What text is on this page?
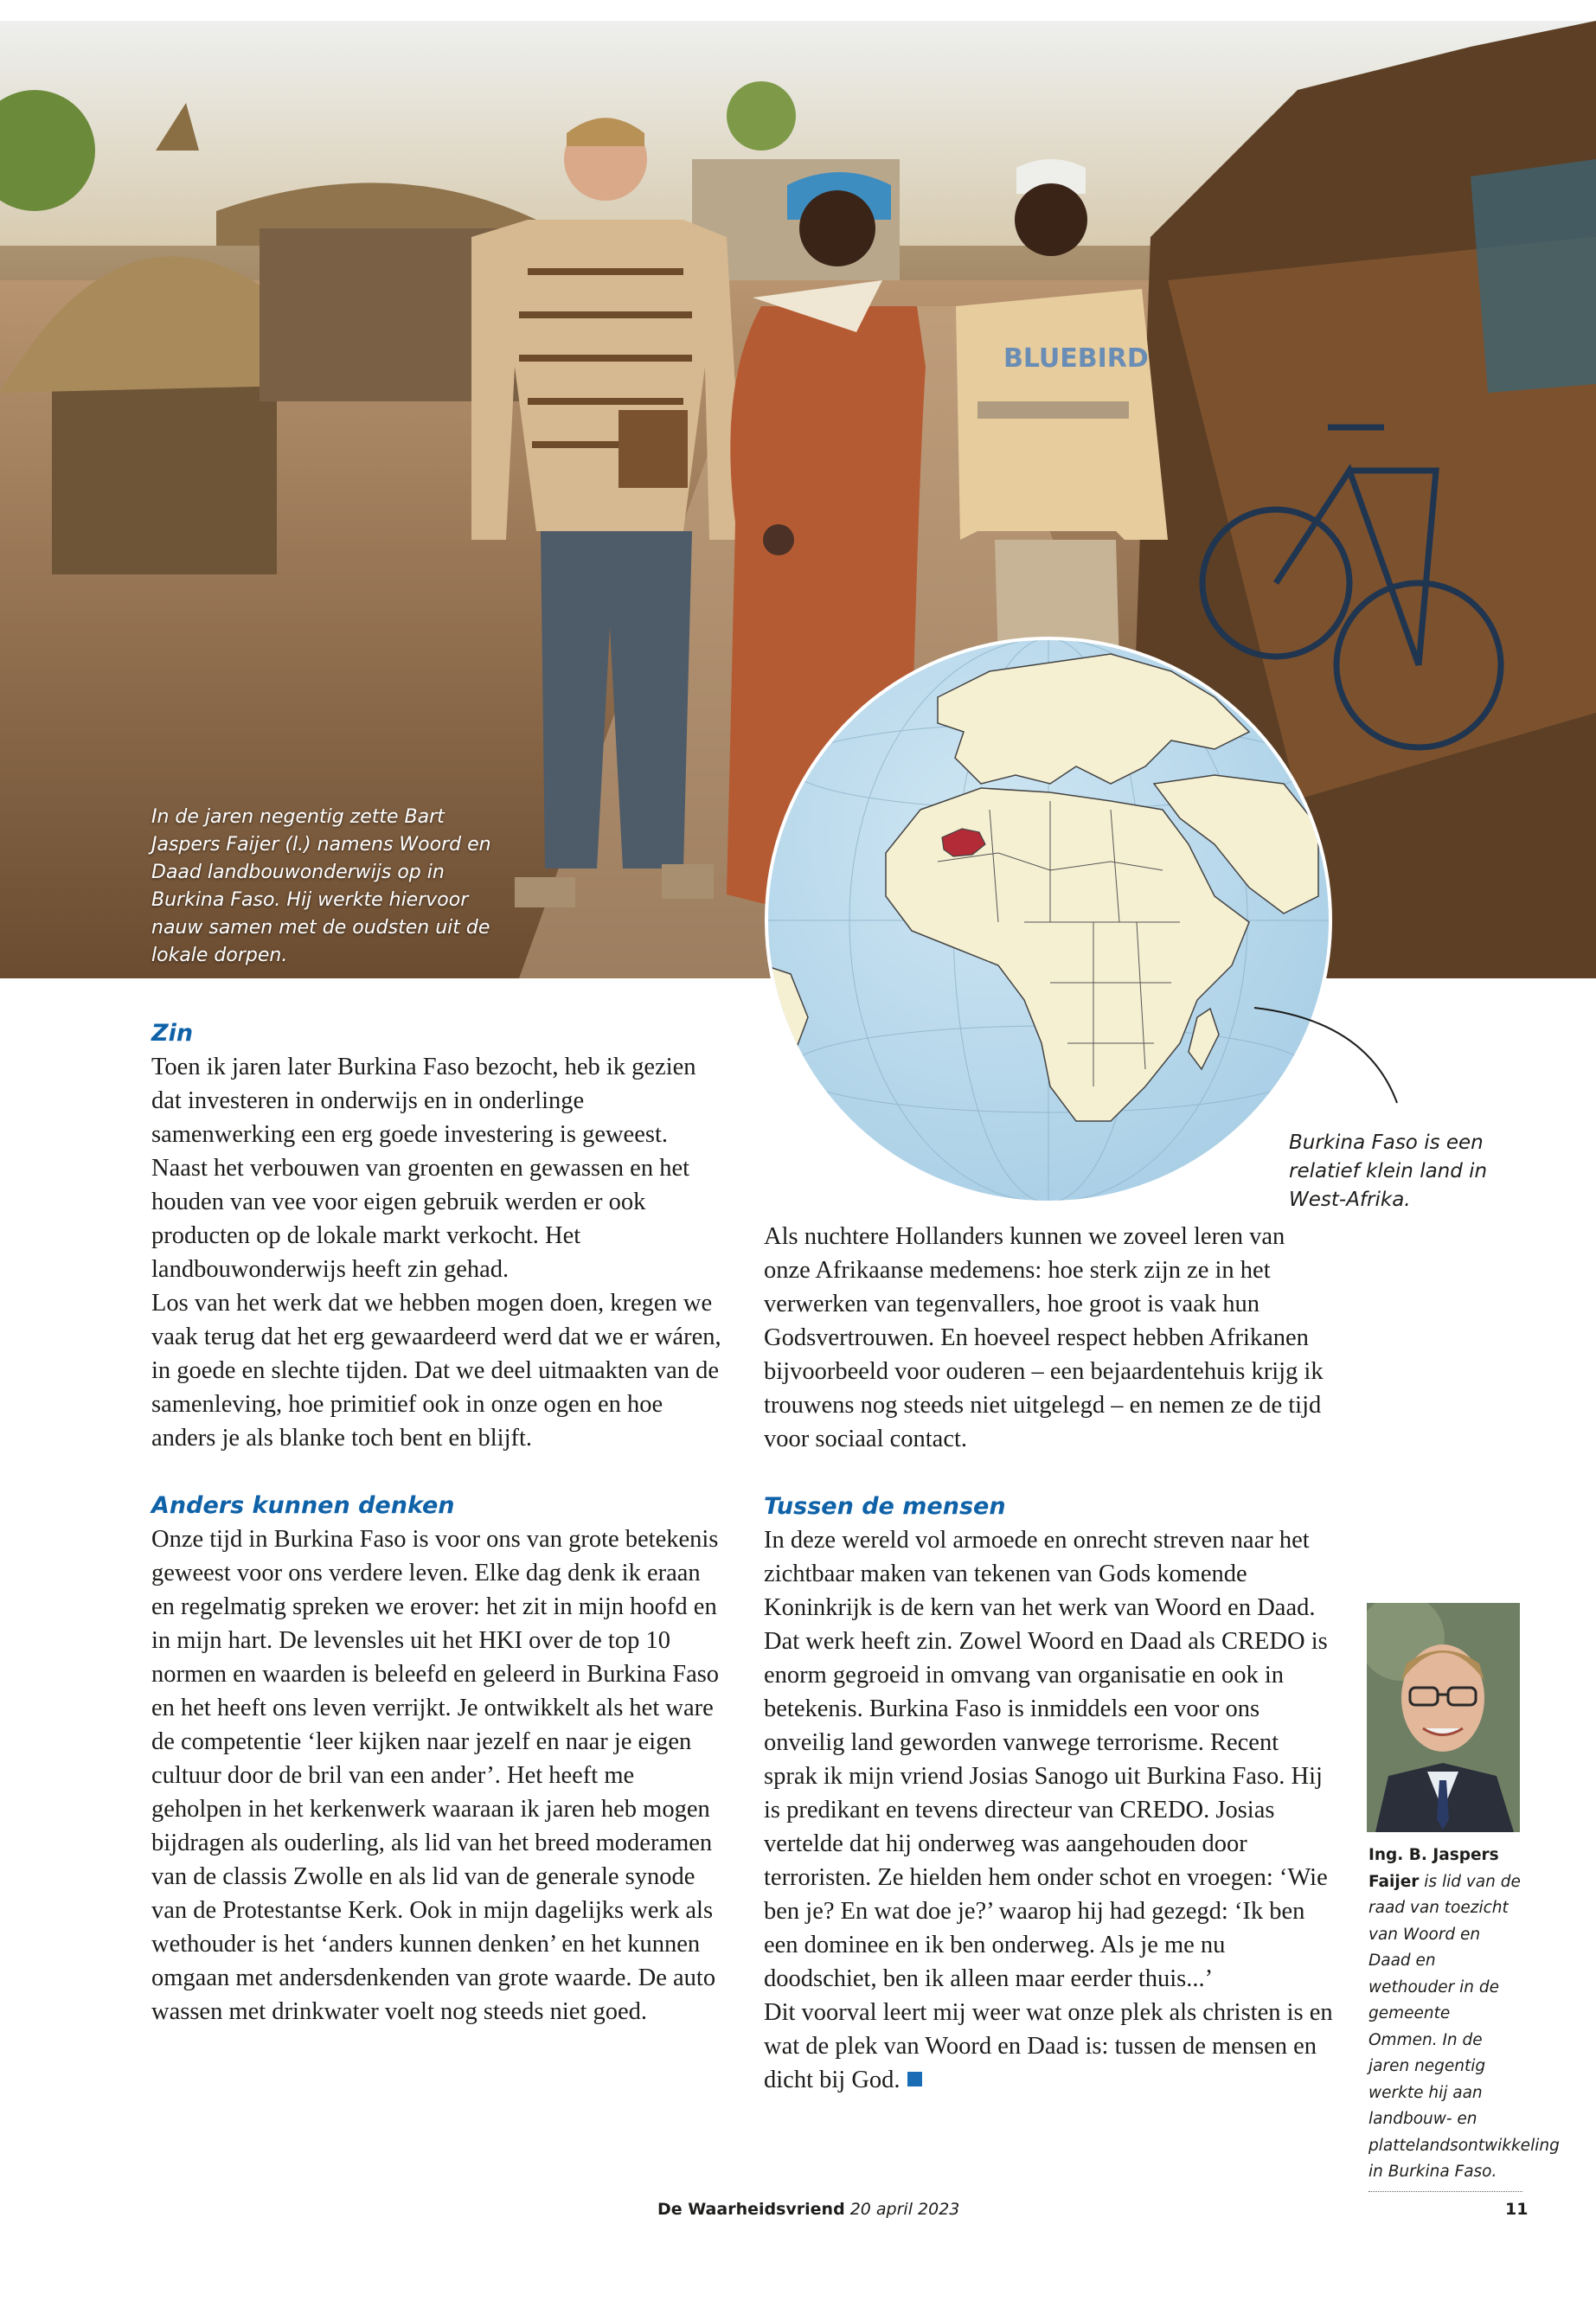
BLUEBIRD
In de jaren negentig zette Bart Jaspers Faijer (l.) namens Woord en Daad landbouwonderwijs op in Burkina Faso. Hij werkte hiervoor nauw samen met de oudsten uit de lokale dorpen.
Burkina Faso is een relatief klein land in West-Afrika.
Zin

Toen ik jaren later Burkina Faso bezocht, heb ik gezien dat investeren in onderwijs en in onderlinge samenwerking een erg goede investering is geweest. Naast het verbouwen van groenten en gewassen en het houden van vee voor eigen gebruik werden er ook producten op de lokale markt verkocht. Het landbouwonderwijs heeft zin gehad.

Los van het werk dat we hebben mogen doen, kregen we vaak terug dat het erg gewaardeerd werd dat we er wáren, in goede en slechte tijden. Dat we deel uitmaakten van de samenleving, hoe primitief ook in onze ogen en hoe anders je als blanke toch bent en blijft.

Anders kunnen denken

Onze tijd in Burkina Faso is voor ons van grote betekenis geweest voor ons verdere leven. Elke dag denk ik eraan en regelmatig spreken we erover: het zit in mijn hoofd en in mijn hart. De levensles uit het HKI over de top 10 normen en waarden is beleefd en geleerd in Burkina Faso en het heeft ons leven verrijkt. Je ontwikkelt als het ware de competentie ‘leer kijken naar jezelf en naar je eigen cultuur door de bril van een ander’. Het heeft me geholpen in het kerkenwerk waaraan ik jaren heb mogen bijdragen als ouderling, als lid van het breed moderamen van de classis Zwolle en als lid van de generale synode van de Protestantse Kerk. Ook in mijn dagelijks werk als wethouder is het ‘anders kunnen denken’ en het kunnen omgaan met andersdenkenden van grote waarde. De auto wassen met drinkwater voelt nog steeds niet goed.

Als nuchtere Hollanders kunnen we zoveel leren van onze Afrikaanse medemens: hoe sterk zijn ze in het verwerken van tegenvallers, hoe groot is vaak hun Godsvertrouwen. En hoeveel respect hebben Afrikanen bijvoorbeeld voor ouderen – een bejaardentehuis krijg ik trouwens nog steeds niet uitgelegd – en nemen ze de tijd voor sociaal contact.

Tussen de mensen

In deze wereld vol armoede en onrecht streven naar het zichtbaar maken van tekenen van Gods komende Koninkrijk is de kern van het werk van Woord en Daad. Dat werk heeft zin. Zowel Woord en Daad als CREDO is enorm gegroeid in omvang van organisatie en ook in betekenis. Burkina Faso is inmiddels een voor ons onveilig land geworden vanwege terrorisme. Recent sprak ik mijn vriend Josias Sanogo uit Burkina Faso. Hij is predikant en tevens directeur van CREDO. Josias vertelde dat hij onderweg was aangehouden door terroristen. Ze hielden hem onder schot en vroegen: ‘Wie ben je? En wat doe je?’ waarop hij had gezegd: ‘Ik ben een dominee en ik ben onderweg. Als je me nu doodschiet, ben ik alleen maar eerder thuis...’

Dit voorval leert mij weer wat onze plek als christen is en wat de plek van Woord en Daad is: tussen de mensen en dicht bij God.

Ing. B. Jaspers Faijer is lid van de raad van toezicht van Woord en Daad en wethouder in de gemeente Ommen. In de jaren negentig werkte hij aan landbouw- en plattelandsontwikkeling in Burkina Faso.
De Waarheidsvriend 20 april 2023	11
